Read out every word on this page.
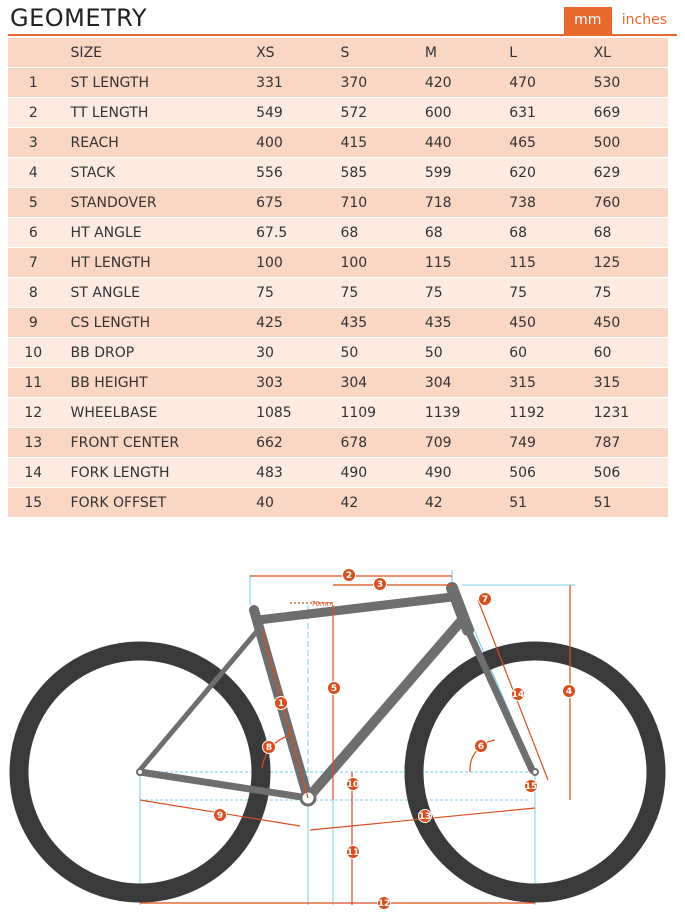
GEOMETRY	mm	inches
	SIZE	XS	S	M	L	XL
1	ST LENGTH	331	370	420	470	530
2	TT LENGTH	549	572	600	631	669
3	REACH	400	415	440	465	500
4	STACK	556	585	599	620	629
5	STANDOVER	675	710	718	738	760
6	HT ANGLE	67.5	68	68	68	68
7	HT LENGTH	100	100	115	115	125
8	ST ANGLE	75	75	75	75	75
9	CS LENGTH	425	435	435	450	450
10	BB DROP	30	50	50	60	60
11	BB HEIGHT	303	304	304	315	315
12	WHEELBASE	1085	1109	1139	1192	1231
13	FRONT CENTER	662	678	709	749	787
14	FORK LENGTH	483	490	490	506	506
15	FORK OFFSET	40	42	42	51	51
70mm
1
2
3
4
5
6
7
8
9
10
11
12
13
14
15
